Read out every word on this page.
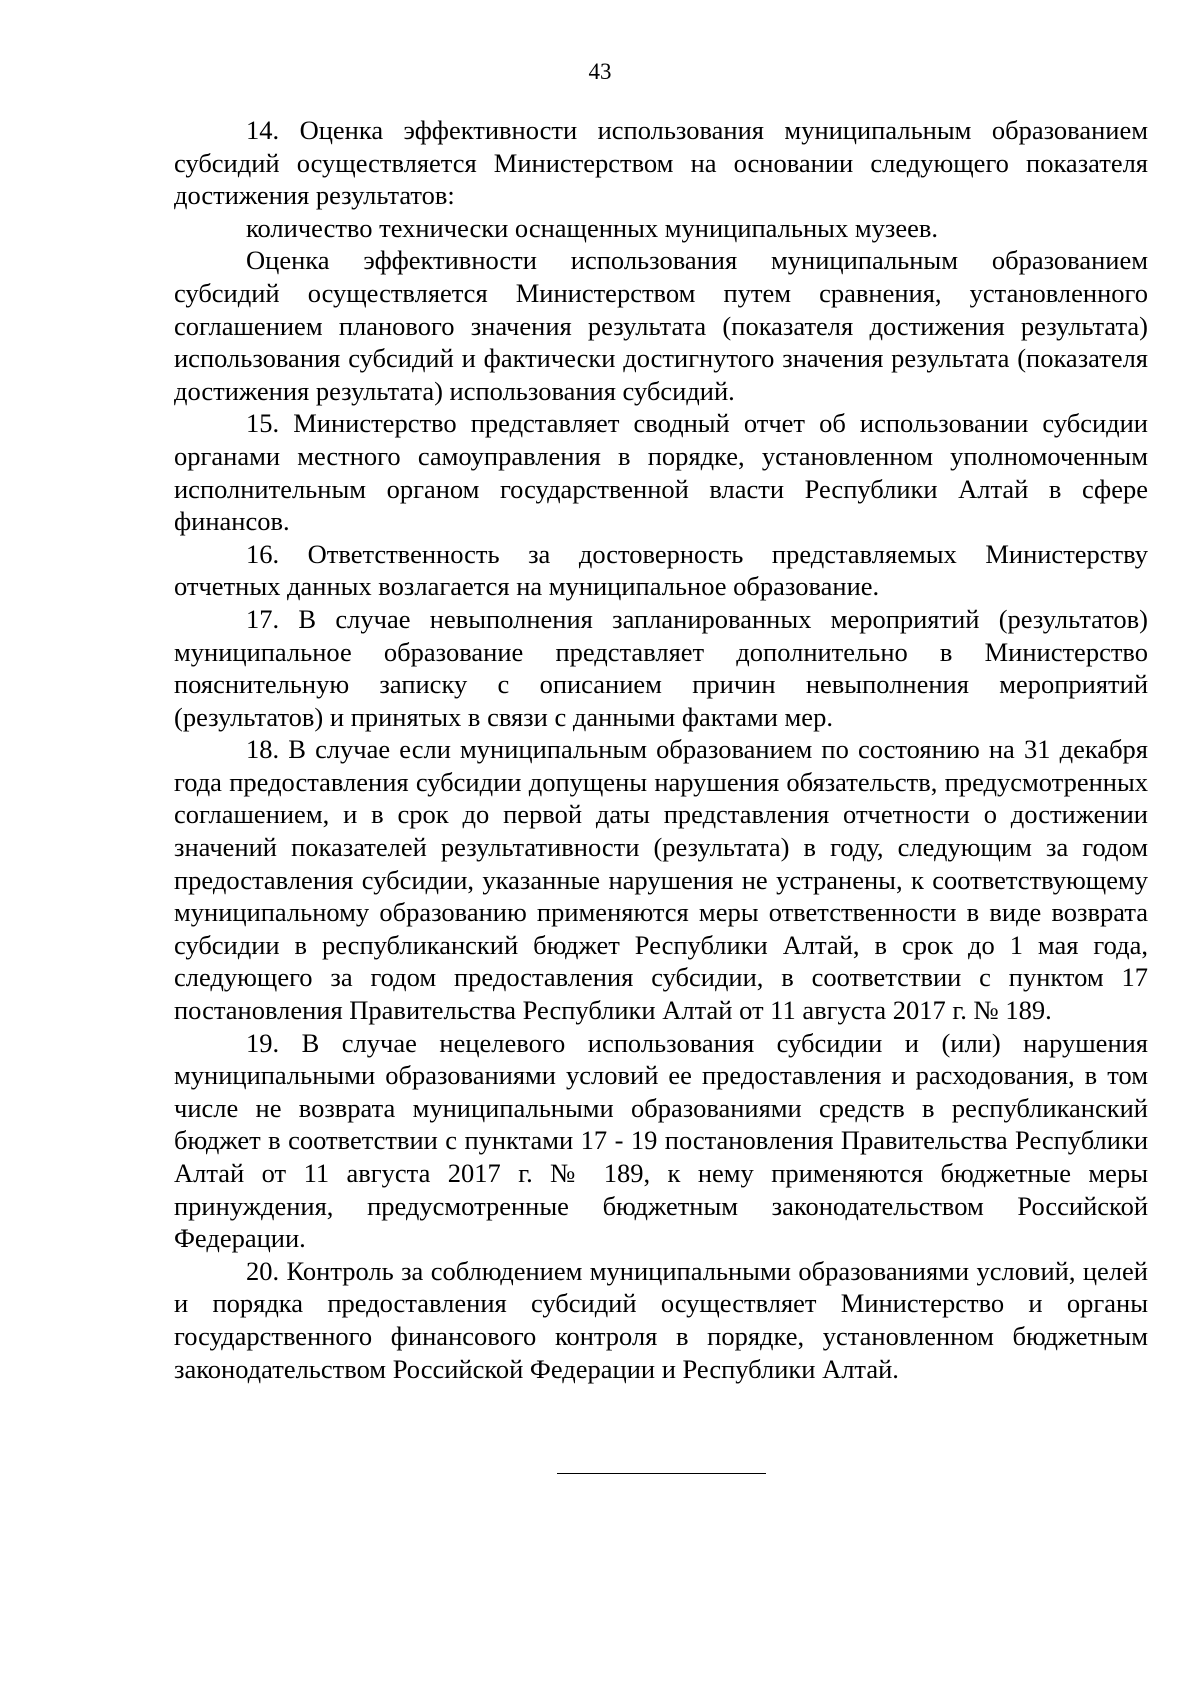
43

14. Оценка эффективности использования муниципальным образованием субсидий осуществляется Министерством на основании следующего показателя достижения результатов:

количество технически оснащенных муниципальных музеев.

Оценка эффективности использования муниципальным образованием субсидий осуществляется Министерством путем сравнения, установленного соглашением планового значения результата (показателя достижения результата) использования субсидий и фактически достигнутого значения результата (показателя достижения результата) использования субсидий.

15. Министерство представляет сводный отчет об использовании субсидии органами местного самоуправления в порядке, установленном уполномоченным исполнительным органом государственной власти Республики Алтай в сфере финансов.

16. Ответственность за достоверность представляемых Министерству отчетных данных возлагается на муниципальное образование.

17. В случае невыполнения запланированных мероприятий (результатов) муниципальное образование представляет дополнительно в Министерство пояснительную записку с описанием причин невыполнения мероприятий (результатов) и принятых в связи с данными фактами мер.

18. В случае если муниципальным образованием по состоянию на 31 декабря года предоставления субсидии допущены нарушения обязательств, предусмотренных соглашением, и в срок до первой даты представления отчетности о достижении значений показателей результативности (результата) в году, следующим за годом предоставления субсидии, указанные нарушения не устранены, к соответствующему муниципальному образованию применяются меры ответственности в виде возврата субсидии в республиканский бюджет Республики Алтай, в срок до 1 мая года, следующего за годом предоставления субсидии, в соответствии с пунктом 17 постановления Правительства Республики Алтай от 11 августа 2017 г. № 189.

19. В случае нецелевого использования субсидии и (или) нарушения муниципальными образованиями условий ее предоставления и расходования, в том числе не возврата муниципальными образованиями средств в республиканский бюджет в соответствии с пунктами 17 - 19 постановления Правительства Республики Алтай от 11 августа 2017 г. № 189, к нему применяются бюджетные меры принуждения, предусмотренные бюджетным законодательством Российской Федерации.

20. Контроль за соблюдением муниципальными образованиями условий, целей и порядка предоставления субсидий осуществляет Министерство и органы государственного финансового контроля в порядке, установленном бюджетным законодательством Российской Федерации и Республики Алтай.
